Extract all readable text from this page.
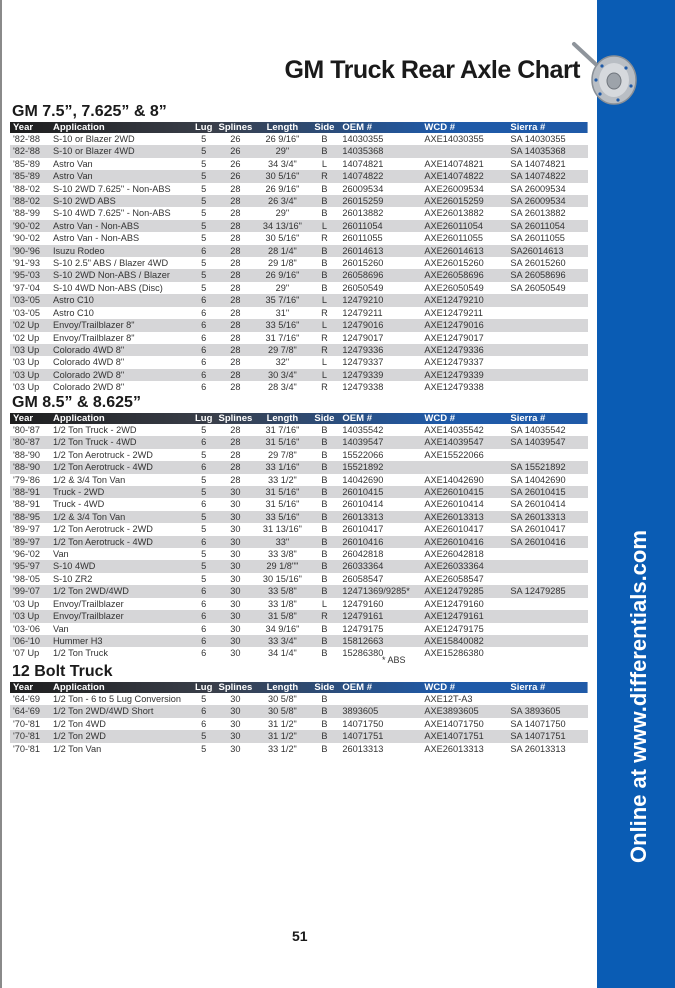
Online at www.differentials.com
GM Truck Rear Axle Chart
GM 7.5”, 7.625” & 8”
Year	Application	Lug	Splines	Length	Side	OEM #	WCD #	Sierra #
'82-'88	S-10 or Blazer 2WD	5	26	26 9/16"	B	14030355	AXE14030355	SA 14030355
'82-'88	S-10 or Blazer 4WD	5	26	29"	B	14035368		SA 14035368
'85-'89	Astro Van	5	26	34 3/4"	L	14074821	AXE14074821	SA 14074821
'85-'89	Astro Van	5	26	30 5/16"	R	14074822	AXE14074822	SA 14074822
'88-'02	S-10 2WD 7.625" - Non-ABS	5	28	26 9/16"	B	26009534	AXE26009534	SA 26009534
'88-'02	S-10 2WD ABS	5	28	26 3/4"	B	26015259	AXE26015259	SA 26009534
'88-'99	S-10 4WD 7.625" - Non-ABS	5	28	29"	B	26013882	AXE26013882	SA 26013882
'90-'02	Astro Van - Non-ABS	5	28	34 13/16"	L	26011054	AXE26011054	SA 26011054
'90-'02	Astro Van - Non-ABS	5	28	30 5/16"	R	26011055	AXE26011055	SA 26011055
'90-'96	Isuzu Rodeo	6	28	28 1/4"	B	26014613	AXE26014613	SA26014613
'91-'93	S-10 2.5" ABS / Blazer 4WD	5	28	29 1/8"	B	26015260	AXE26015260	SA 26015260
'95-'03	S-10 2WD Non-ABS / Blazer	5	28	26 9/16"	B	26058696	AXE26058696	SA 26058696
'97-'04	S-10 4WD Non-ABS (Disc)	5	28	29"	B	26050549	AXE26050549	SA 26050549
'03-'05	Astro C10	6	28	35 7/16"	L	12479210	AXE12479210	
'03-'05	Astro C10	6	28	31"	R	12479211	AXE12479211	
'02 Up	Envoy/Trailblazer 8"	6	28	33 5/16"	L	12479016	AXE12479016	
'02 Up	Envoy/Trailblazer 8"	6	28	31 7/16"	R	12479017	AXE12479017	
'03 Up	Colorado 4WD 8"	6	28	29 7/8"	R	12479336	AXE12479336	
'03 Up	Colorado 4WD 8"	6	28	32"	L	12479337	AXE12479337	
'03 Up	Colorado 2WD 8"	6	28	30 3/4"	L	12479339	AXE12479339	
'03 Up	Colorado 2WD 8"	6	28	28 3/4"	R	12479338	AXE12479338	
GM 8.5” & 8.625”
Year	Application	Lug	Splines	Length	Side	OEM #	WCD #	Sierra #
'80-'87	1/2 Ton Truck - 2WD	5	28	31 7/16"	B	14035542	AXE14035542	SA 14035542
'80-'87	1/2 Ton Truck - 4WD	6	28	31 5/16"	B	14039547	AXE14039547	SA 14039547
'88-'90	1/2 Ton Aerotruck - 2WD	5	28	29 7/8"	B	15522066	AXE15522066	
'88-'90	1/2 Ton Aerotruck - 4WD	6	28	33 1/16"	B	15521892		SA 15521892
'79-'86	1/2 & 3/4 Ton Van	5	28	33 1/2"	B	14042690	AXE14042690	SA 14042690
'88-'91	Truck - 2WD	5	30	31 5/16"	B	26010415	AXE26010415	SA 26010415
'88-'91	Truck - 4WD	6	30	31 5/16"	B	26010414	AXE26010414	SA 26010414
'88-'95	1/2 & 3/4 Ton Van	5	30	33 5/16"	B	26013313	AXE26013313	SA 26013313
'89-'97	1/2 Ton Aerotruck - 2WD	5	30	31 13/16"	B	26010417	AXE26010417	SA 26010417
'89-'97	1/2 Ton Aerotruck - 4WD	6	30	33"	B	26010416	AXE26010416	SA 26010416
'96-'02	Van	5	30	33 3/8"	B	26042818	AXE26042818	
'95-'97	S-10 4WD	5	30	29 1/8""	B	26033364	AXE26033364	
'98-'05	S-10 ZR2	5	30	30 15/16"	B	26058547	AXE26058547	
'99-'07	1/2 Ton 2WD/4WD	6	30	33 5/8"	B	12471369/9285*	AXE12479285	SA 12479285
'03 Up	Envoy/Trailblazer	6	30	33 1/8"	L	12479160	AXE12479160	
'03 Up	Envoy/Trailblazer	6	30	31 5/8"	R	12479161	AXE12479161	
'03-'06	Van	6	30	34 9/16"	B	12479175	AXE12479175	
'06-'10	Hummer H3	6	30	33 3/4"	B	15812663	AXE15840082	
'07 Up	1/2 Ton Truck	6	30	34 1/4"	B	15286380	AXE15286380	
* ABS
12 Bolt Truck
Year	Application	Lug	Splines	Length	Side	OEM #	WCD #	Sierra #
'64-'69	1/2 Ton - 6 to 5 Lug Conversion	5	30	30 5/8"	B		AXE12T-A3	
'64-'69	1/2 Ton 2WD/4WD Short	6	30	30 5/8"	B	3893605	AXE3893605	SA 3893605
'70-'81	1/2 Ton 4WD	6	30	31 1/2"	B	14071750	AXE14071750	SA 14071750
'70-'81	1/2 Ton 2WD	5	30	31 1/2"	B	14071751	AXE14071751	SA 14071751
'70-'81	1/2 Ton Van	5	30	33 1/2"	B	26013313	AXE26013313	SA 26013313
51
